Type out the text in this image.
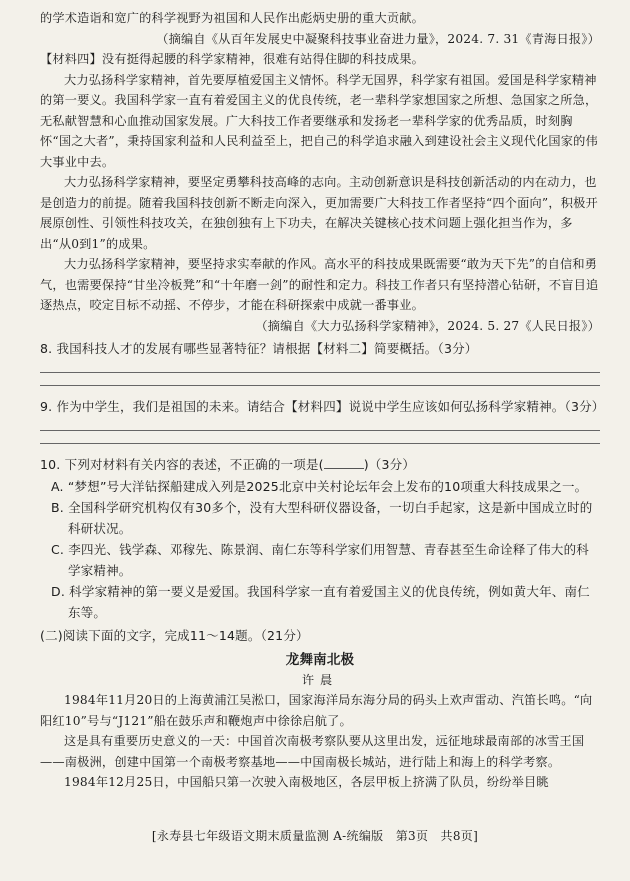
的学术造诣和宽广的科学视野为祖国和人民作出彪炳史册的重大贡献。

（摘编自《从百年发展史中凝聚科技事业奋进力量》，2024. 7. 31《青海日报》）

【材料四】没有挺得起腰的科学家精神，很难有站得住脚的科技成果。

大力弘扬科学家精神，首先要厚植爱国主义情怀。科学无国界，科学家有祖国。爱国是科学家精神的第一要义。我国科学家一直有着爱国主义的优良传统，老一辈科学家想国家之所想、急国家之所急，无私献智慧和心血推动国家发展。广大科技工作者要继承和发扬老一辈科学家的优秀品质，时刻胸怀“国之大者”，秉持国家利益和人民利益至上，把自己的科学追求融入到建设社会主义现代化国家的伟大事业中去。

大力弘扬科学家精神，要坚定勇攀科技高峰的志向。主动创新意识是科技创新活动的内在动力，也是创造力的前提。随着我国科技创新不断走向深入，更加需要广大科技工作者坚持“四个面向”，积极开展原创性、引领性科技攻关，在独创独有上下功夫，在解决关键核心技术问题上强化担当作为，多出“从0到1”的成果。

大力弘扬科学家精神，要坚持求实奉献的作风。高水平的科技成果既需要“敢为天下先”的自信和勇气，也需要保持“甘坐冷板凳”和“十年磨一剑”的耐性和定力。科技工作者只有坚持潜心钻研，不盲目追逐热点，咬定目标不动摇、不停步，才能在科研探索中成就一番事业。

（摘编自《大力弘扬科学家精神》，2024. 5. 27《人民日报》）

8. 我国科技人才的发展有哪些显著特征？请根据【材料二】简要概括。（3分）

9. 作为中学生，我们是祖国的未来。请结合【材料四】说说中学生应该如何弘扬科学家精神。（3分）

10. 下列对材料有关内容的表述，不正确的一项是(	)（3分）

A. “梦想”号大洋钻探船建成入列是2025北京中关村论坛年会上发布的10项重大科技成果之一。

B. 全国科学研究机构仅有30多个，没有大型科研仪器设备，一切白手起家，这是新中国成立时的科研状况。

C. 李四光、钱学森、邓稼先、陈景润、南仁东等科学家们用智慧、青春甚至生命诠释了伟大的科学家精神。

D. 科学家精神的第一要义是爱国。我国科学家一直有着爱国主义的优良传统，例如黄大年、南仁东等。

(二)阅读下面的文字，完成11～14题。（21分）

龙舞南北极

许晨

1984年11月20日的上海黄浦江吴淞口，国家海洋局东海分局的码头上欢声雷动、汽笛长鸣。“向阳红10”号与“J121”船在鼓乐声和鞭炮声中徐徐启航了。

这是具有重要历史意义的一天：中国首次南极考察队要从这里出发，远征地球最南部的冰雪王国——南极洲，创建中国第一个南极考察基地——中国南极长城站，进行陆上和海上的科学考察。

1984年12月25日，中国船只第一次驶入南极地区，各层甲板上挤满了队员，纷纷举目眺

[永寿县七年级语文期末质量监测 A-统编版　第3页　共8页]
